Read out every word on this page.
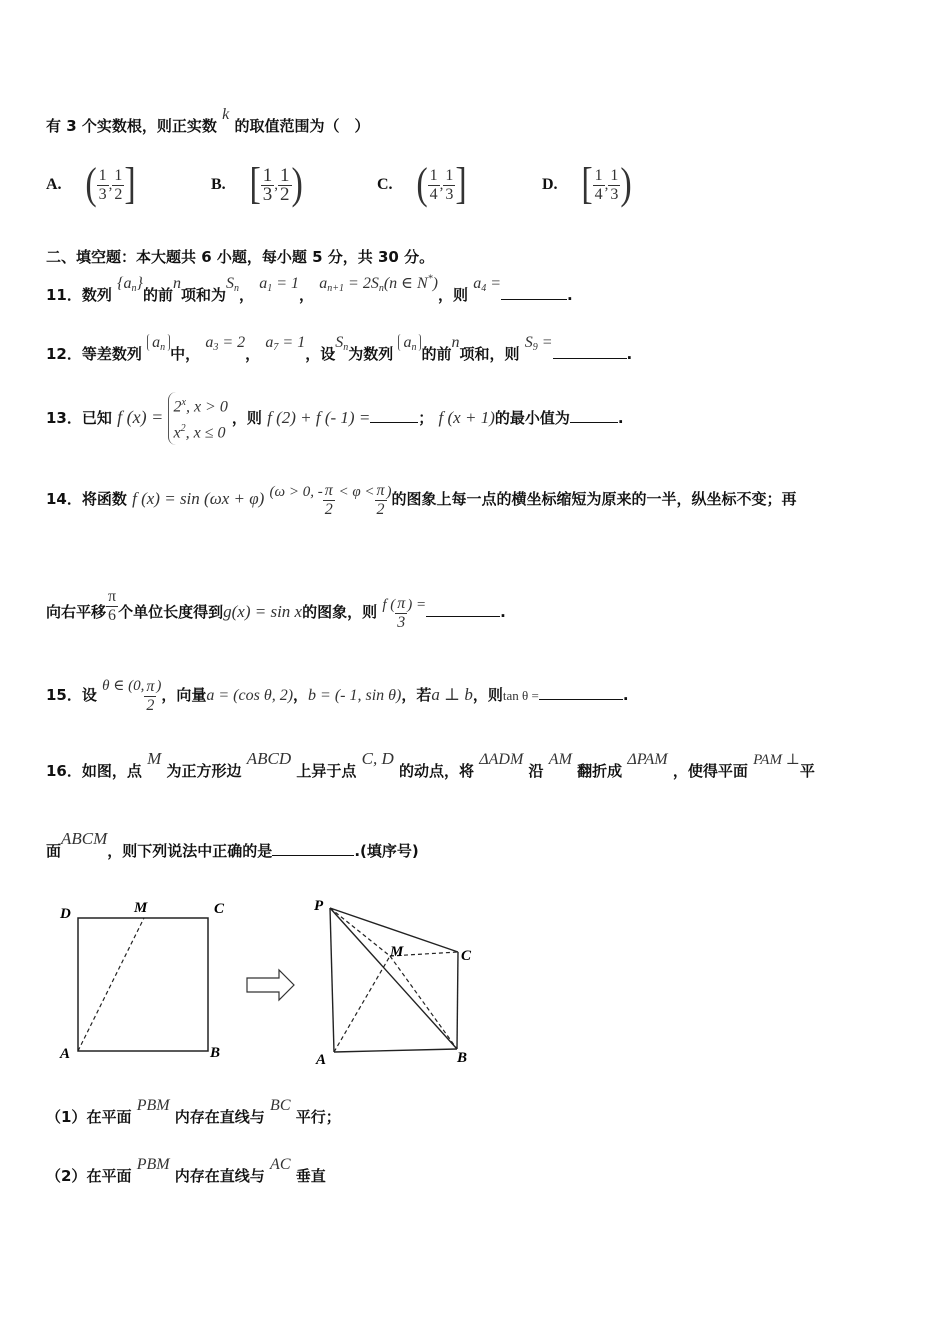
有 3 个实数根，则正实数 k 的取值范围为（　）
A. ( $\frac{1}{3}$ , $\frac{1}{2}$ ]	B. [ $\frac{1}{3}$ , $\frac{1}{2}$ )	C. ( $\frac{1}{4}$ , $\frac{1}{3}$ ]	D. [ $\frac{1}{4}$ , $\frac{1}{3}$ )
二、填空题：本大题共 6 小题，每小题 5 分，共 30 分。
11．数列 {an}的前n项和为Sn， a1 = 1， an+1 = 2Sn(n ∈ N*)，则 a4 =.
12．等差数列 an 中， a3 = 2， a7 = 1，设Sn为数列 an 的前n项和，则 S9 =.
13．已知 f $(x) = 2^x$, x > 0
$x^2$, x ≤ 0
，则 f (2) + f (- 1) =	； f (x + 1)的最小值为	.
14．将函数 f (x) = sin (ωx + φ) (ω > 0, - $\frac{\pi}{2} < \varphi < \frac{\pi}{2}$ )的图象上每一点的横坐标缩短为原来的一半，纵坐标不变；再
向右平移 $\frac{\pi}{6}$ 个单位长度得到g(x) = sin x的图象，则 f ( $\frac{\pi}{3}$ ) =	.
15．设 θ ∈ (0, $\frac{\pi}{2}$ )，向量a = (cos θ, 2)，b = (- 1, sin θ)，若a ⊥ b，则tan θ =	.
16．如图，点 M 为正方形边 ABCD 上异于点 C, D 的动点，将 ΔADM 沿 AM 翻折成 ΔPAM ，使得平面 PAM ⊥平
面ABCM，则下列说法中正确的是	.(填序号)
D	M	C
A	B
P
M	C
A	B
（1）在平面 PBM 内存在直线与 BC 平行；
（2）在平面 PBM 内存在直线与 AC 垂直
